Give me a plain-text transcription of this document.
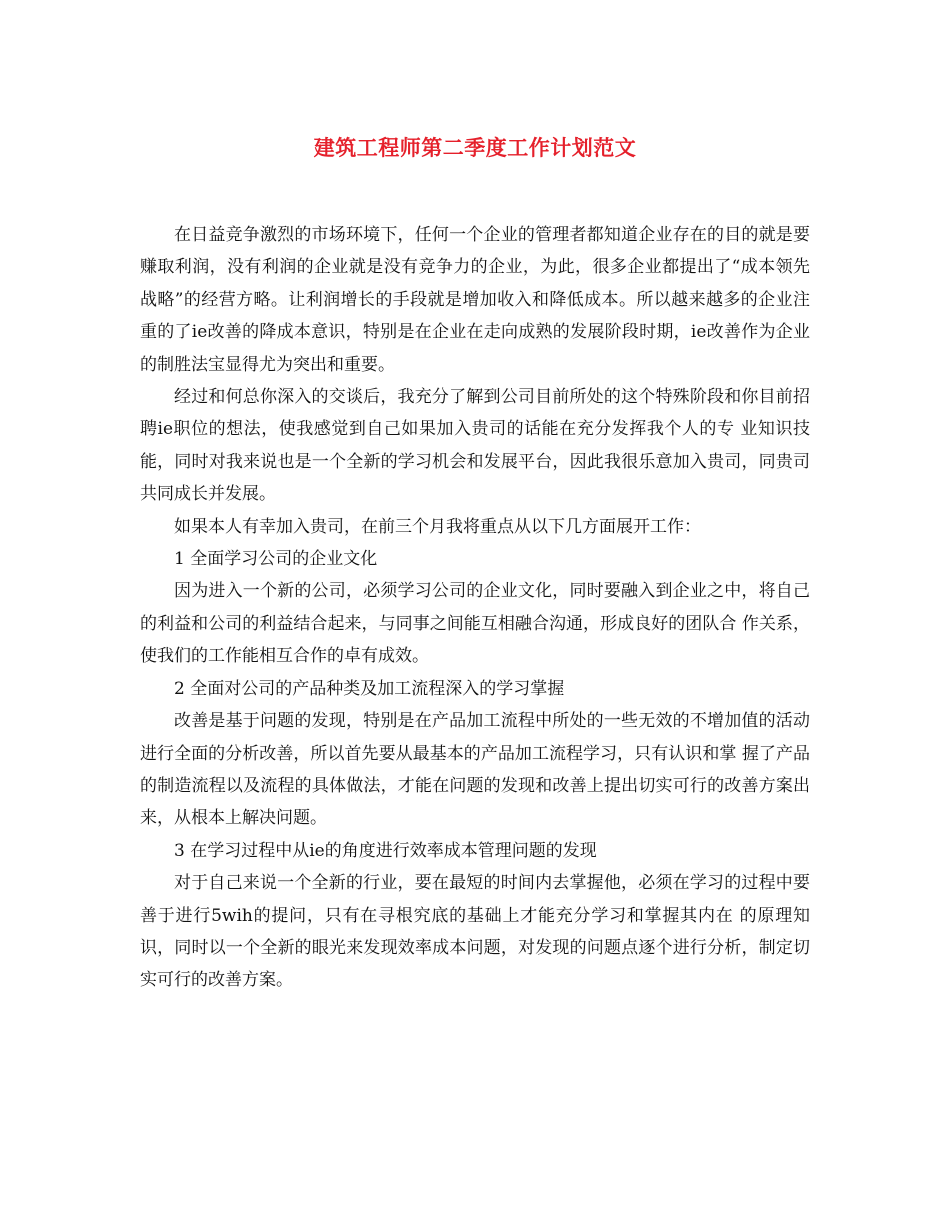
建筑工程师第二季度工作计划范文

在日益竞争激烈的市场环境下，任何一个企业的管理者都知道企业存在的目的就是要赚取利润，没有利润的企业就是没有竞争力的企业，为此，很多企业都提出了“成本领先战略”的经营方略。让利润增长的手段就是增加收入和降低成本。所以越来越多的企业注重的了ie改善的降成本意识，特别是在企业在走向成熟的发展阶段时期，ie改善作为企业的制胜法宝显得尤为突出和重要。

经过和何总你深入的交谈后，我充分了解到公司目前所处的这个特殊阶段和你目前招聘ie职位的想法，使我感觉到自己如果加入贵司的话能在充分发挥我个人的专 业知识技能，同时对我来说也是一个全新的学习机会和发展平台，因此我很乐意加入贵司，同贵司共同成长并发展。

如果本人有幸加入贵司，在前三个月我将重点从以下几方面展开工作：

1 全面学习公司的企业文化

因为进入一个新的公司，必须学习公司的企业文化，同时要融入到企业之中，将自己的利益和公司的利益结合起来，与同事之间能互相融合沟通，形成良好的团队合 作关系，使我们的工作能相互合作的卓有成效。

2 全面对公司的产品种类及加工流程深入的学习掌握

改善是基于问题的发现，特别是在产品加工流程中所处的一些无效的不增加值的活动进行全面的分析改善，所以首先要从最基本的产品加工流程学习，只有认识和掌 握了产品的制造流程以及流程的具体做法，才能在问题的发现和改善上提出切实可行的改善方案出来，从根本上解决问题。

3 在学习过程中从ie的角度进行效率成本管理问题的发现

对于自己来说一个全新的行业，要在最短的时间内去掌握他，必须在学习的过程中要善于进行5wih的提问，只有在寻根究底的基础上才能充分学习和掌握其内在 的原理知识，同时以一个全新的眼光来发现效率成本问题，对发现的问题点逐个进行分析，制定切实可行的改善方案。
